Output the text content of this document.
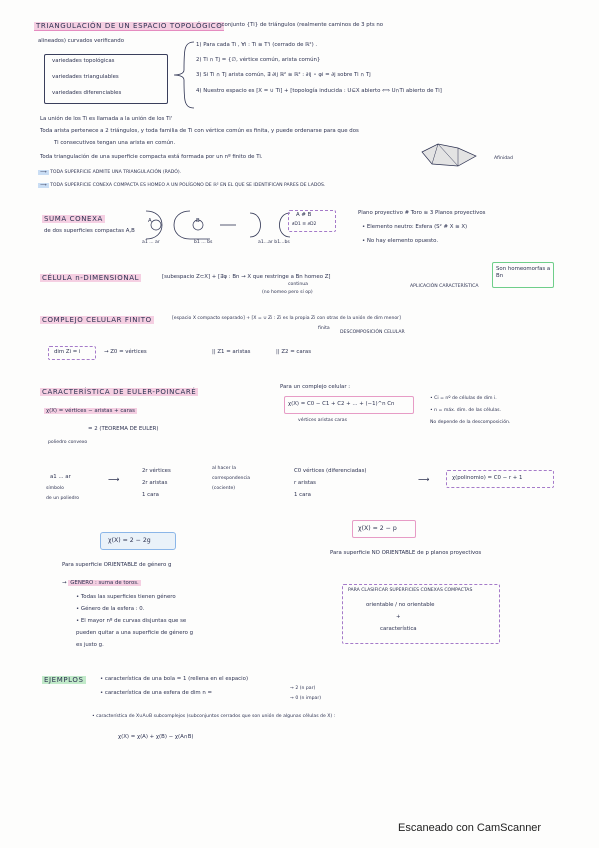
TRIANGULACIÓN DE UN ESPACIO TOPOLÓGICO
: conjunto {Ti} de triángulos (realmente caminos de 3 pts no
alineados) curvados verificando
variedades topológicas
variedades triangulables
variedades diferenciables
1) Para cada Ti , ∀i : Ti ≅ T'i (cerrado de ℝ²) .
2) Ti ∩ Tj = {∅, vértice común, arista común}
3) Si Ti ∩ Tj arista común, ∃ ∂ij ℝ² ≅ ℝ² : ∂ij ∘ φi = ∂j sobre Ti ∩ Tj
4) Nuestro espacio es [X = ∪ Ti] + [topología inducida : U⊆X abierto ⟺ U∩Ti abierto de Ti]
La unión de los Ti es llamada a la unión de los Ti'
Toda arista pertenece a 2 triángulos, y toda familia de Ti con vértice común es finita, y puede ordenarse para que dos
Ti consecutivos tengan una arista en común.
Toda triangulación de una superficie compacta está formada por un nº finito de Ti.	Afinidad
⟶ TODA SUPERFICIE ADMITE UNA TRIANGULACIÓN (RADÓ).
⟶ TODA SUPERFICIE CONEXA COMPACTA ES HOMEO A UN POLÍGONO DE ℝ² EN EL QUE SE IDENTIFICAN PARES DE LADOS.
SUMA CONEXA
de dos superficies compactas A,B
A	B
A # B
∂D1 ≅ ∂D2
a1 ... ar	b1 ... bs	a1...ar b1...bs
Plano proyectivo # Toro ≅ 3 Planos proyectivos
• Elemento neutro: Esfera (S² # X ≅ X)
• No hay elemento opuesto.
CÉLULA n-DIMENSIONAL	[subespacio Z⊂X] + [∃φ : Bn → X que restringe a Bn homeo Z]
continua
(no homeo pero sí op)
APLICACIÓN CARACTERÍSTICA
Son homeomorfas a Bn
COMPLEJO CELULAR FINITO	[espacio X compacto separado] + [X = ∪ Zi : Zi es la propia Zi con otras de la unión de dim menor]
finita
DESCOMPOSICIÓN CELULAR
dim Zi = i	→ Z0 = vértices	|| Z1 = aristas	|| Z2 = caras
CARACTERÍSTICA DE EULER-POINCARÉ
χ(X) = vértices − aristas + caras
= 2 (TEOREMA DE EULER)
poliedro convexo
Para un complejo celular :
χ(X) = C0 − C1 + C2 + ... + (−1)^n Cn
vértices aristas caras
• Ci = nº de células de dim i.
• n = máx. dim. de las células.
No depende de la descomposición.
a1 ... ar
símbolo
de un poliedro
⟶
2r vértices
2r aristas
1 cara
al hacer la
correspondencia
(cociente)
C0 vértices (diferenciadas)
r aristas
1 cara
⟶	χ(polinomio) = C0 − r + 1
χ(X) = 2 − 2g
χ(X) = 2 − p
Para superficie ORIENTABLE de género g
Para superficie NO ORIENTABLE de p planos proyectivos
→ GENERO : suma de toros.
• Todas las superficies tienen género
• Género de la esfera : 0.
• El mayor nº de curvas disjuntas que se
pueden quitar a una superficie de género g
es justo g.
PARA CLASIFICAR SUPERFICIES CONEXAS COMPACTAS
orientable / no orientable
+
característica
EJEMPLOS	• característica de una bola = 1 (rellena en el espacio)
• característica de una esfera de dim n =
→ 2 (n par)
→ 0 (n impar)
• característica de X∪A∪B subcomplejos (subconjuntos cerrados que son unión de algunas células de X) :
χ(X) = χ(A) + χ(B) − χ(A∩B)
Escaneado con CamScanner
